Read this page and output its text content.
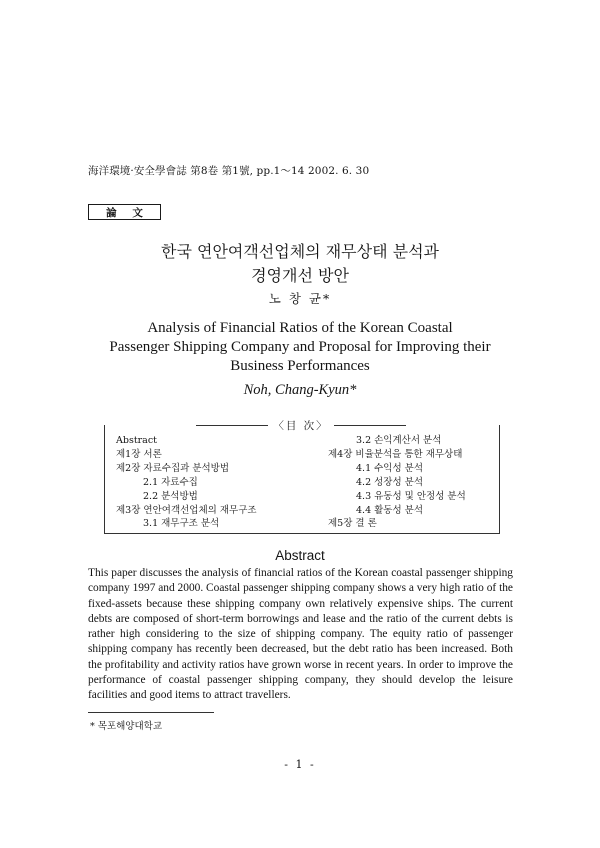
海洋環境·安全學會誌 第8卷 第1號, pp.1～14 2002. 6. 30
論 文
한국 연안여객선업체의 재무상태 분석과
경영개선 방안
노 창 균*
Analysis of Financial Ratios of the Korean Coastal
Passenger Shipping Company and Proposal for Improving their
Business Performances
Noh, Chang-Kyun*
〈目 次〉
Abstract
제1장 서론
제2장 자료수집과 분석방법
2.1 자료수집
2.2 분석방법
제3장 연안여객선업체의 재무구조
3.1 재무구조 분석
3.2 손익계산서 분석
제4장 비율분석을 통한 재무상태
4.1 수익성 분석
4.2 성장성 분석
4.3 유동성 및 안정성 분석
4.4 활동성 분석
제5장 결 론
Abstract
This paper discusses the analysis of financial ratios of the Korean coastal passenger shipping company 1997 and 2000. Coastal passenger shipping company shows a very high ratio of the fixed-assets because these shipping company own relatively expensive ships. The current debts are composed of short-term borrowings and lease and the ratio of the current debts is rather high considering to the size of shipping company. The equity ratio of passenger shipping company has recently been decreased, but the debt ratio has been increased. Both the profitability and activity ratios have grown worse in recent years. In order to improve the performance of coastal passenger shipping company, they should develop the leisure facilities and good items to attract travellers.
* 목포해양대학교
- 1 -
